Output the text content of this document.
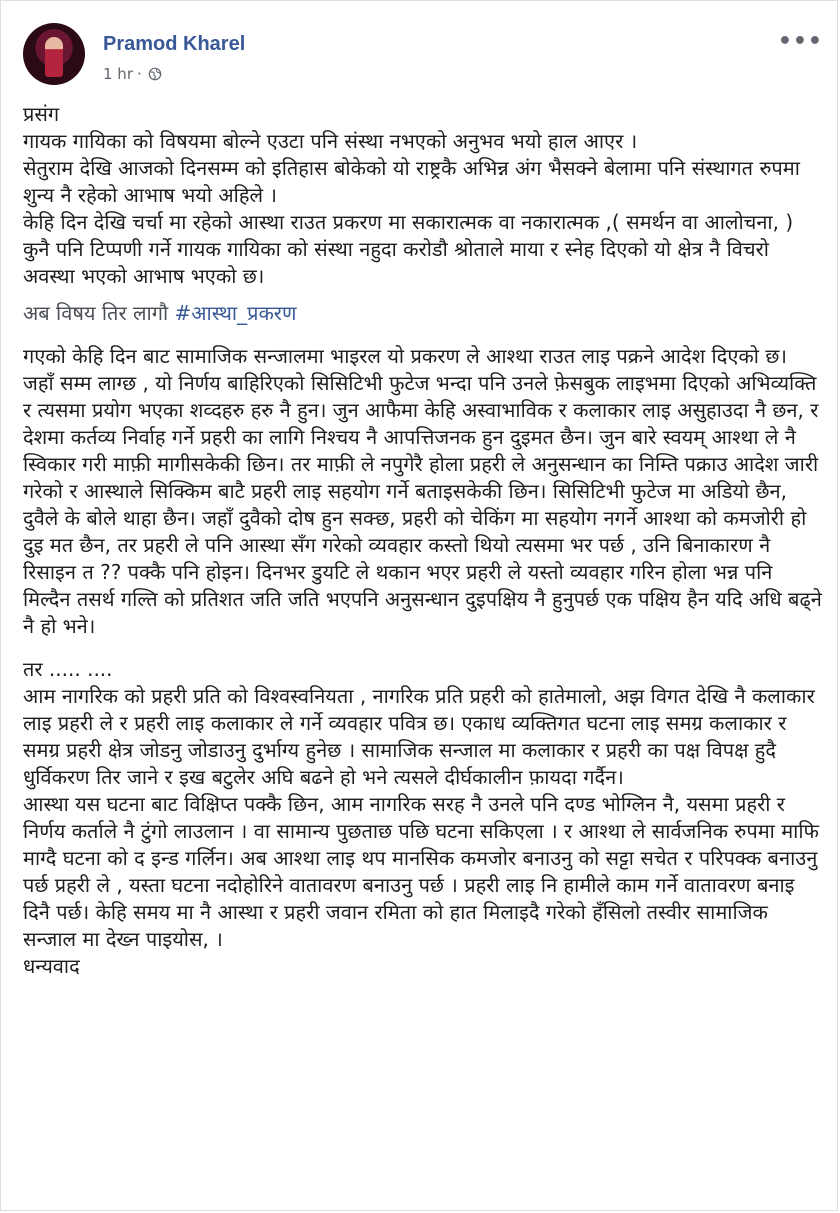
Pramod Kharel
1 hr ·
•••

प्रसंग

गायक गायिका को विषयमा बोल्ने एउटा पनि संस्था नभएको अनुभव भयो हाल आएर ।

सेतुराम देखि आजको दिनसम्म को इतिहास बोकेको यो राष्ट्रकै अभिन्न अंग भैसक्ने बेलामा पनि संस्थागत रुपमा शुन्य नै रहेको आभाष भयो अहिले ।

केहि दिन देखि चर्चा मा रहेको आस्था राउत प्रकरण मा सकारात्मक वा नकारात्मक ,( समर्थन वा आलोचना, ) कुनै पनि टिप्पणी गर्ने गायक गायिका को संस्था नहुदा करोडौ श्रोताले माया र स्नेह दिएको यो क्षेत्र नै विचरो अवस्था भएको आभाष भएको छ।

अब विषय तिर लागौ #आस्था_प्रकरण

गएको केहि दिन बाट सामाजिक सन्जालमा भाइरल यो प्रकरण ले आश्था राउत लाइ पक्रने आदेश दिएको छ। जहाँ सम्म लाग्छ , यो निर्णय बाहिरिएको सिसिटिभी फुटेज भन्दा पनि उनले फ़ेसबुक लाइभमा दिएको अभिव्यक्ति र त्यसमा प्रयोग भएका शव्दहरु हरु नै हुन। जुन आफैमा केहि अस्वाभाविक र कलाकार लाइ असुहाउदा नै छन, र देशमा कर्तव्य निर्वाह गर्ने प्रहरी का लागि निश्चय नै आपत्तिजनक हुन दुइमत छैन। जुन बारे स्वयम् आश्था ले नै स्विकार गरी माफ़ी मागीसकेकी छिन। तर माफ़ी ले नपुगेरै होला प्रहरी ले अनुसन्धान का निम्ति पक्राउ आदेश जारी गरेको र आस्थाले सिक्किम बाटै प्रहरी लाइ सहयोग गर्ने बताइसकेकी छिन। सिसिटिभी फुटेज मा अडियो छैन, दुवैले के बोले थाहा छैन। जहाँ दुवैको दोष हुन सक्छ, प्रहरी को चेकिंग मा सहयोग नगर्ने आश्था को कमजोरी हो दुइ मत छैन, तर प्रहरी ले पनि आस्था सँग गरेको व्यवहार कस्तो थियो त्यसमा भर पर्छ , उनि बिनाकारण नै रिसाइन त ?? पक्कै पनि होइन। दिनभर डुयटि ले थकान भएर प्रहरी ले यस्तो व्यवहार गरिन होला भन्न पनि मिल्दैन तसर्थ गल्ति को प्रतिशत जति जति भएपनि अनुसन्धान दुइपक्षिय नै हुनुपर्छ एक पक्षिय हैन यदि अधि बढ्ने नै हो भने।

तर ..... ....

आम नागरिक को प्रहरी प्रति को विश्वस्वनियता , नागरिक प्रति प्रहरी को हातेमालो, अझ विगत देखि नै कलाकार लाइ प्रहरी ले र प्रहरी लाइ कलाकार ले गर्ने व्यवहार पवित्र छ। एकाध व्यक्तिगत घटना लाइ समग्र कलाकार र समग्र प्रहरी क्षेत्र जोडनु जोडाउनु दुर्भाग्य हुनेछ । सामाजिक सन्जाल मा कलाकार र प्रहरी का पक्ष विपक्ष हुदै धुर्विकरण तिर जाने र इख बटुलेर अघि बढने हो भने त्यसले दीर्घकालीन फ़ायदा गर्दैन।

आस्था यस घटना बाट विक्षिप्त पक्कै छिन, आम नागरिक सरह नै उनले पनि दण्ड भोग्लिन नै, यसमा प्रहरी र निर्णय कर्ताले नै टुंगो लाउलान । वा सामान्य पुछताछ पछि घटना सकिएला । र आश्था ले सार्वजनिक रुपमा माफि माग्दै घटना को द इन्ड गर्लिन। अब आश्था लाइ थप मानसिक कमजोर बनाउनु को सट्टा सचेत र परिपक्क बनाउनु पर्छ प्रहरी ले , यस्ता घटना नदोहोरिने वातावरण बनाउनु पर्छ । प्रहरी लाइ नि हामीले काम गर्ने वातावरण बनाइ दिनै पर्छ। केहि समय मा नै आस्था र प्रहरी जवान रमिता को हात मिलाइदै गरेको हँसिलो तस्वीर सामाजिक सन्जाल मा देख्न पाइयोस, ।

धन्यवाद
